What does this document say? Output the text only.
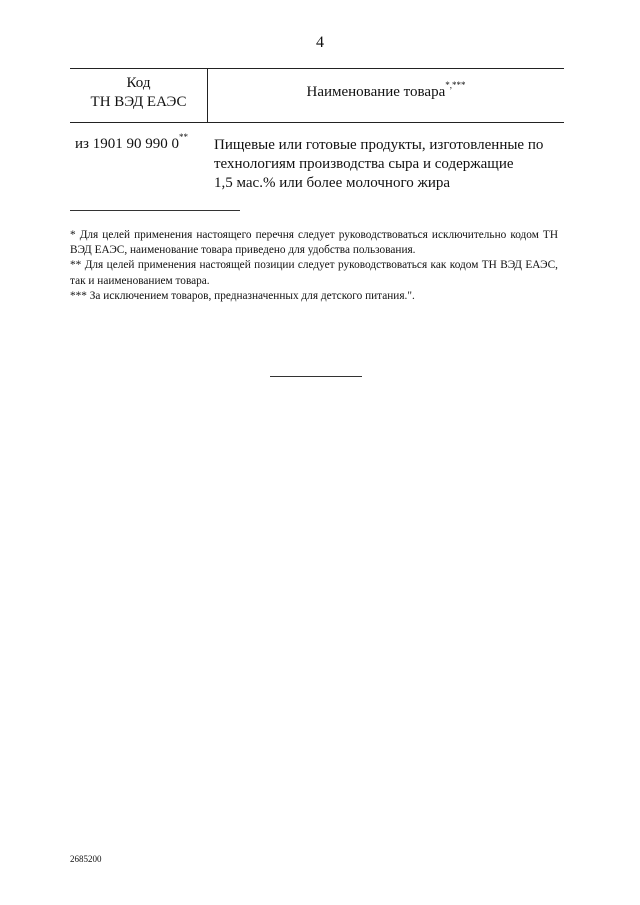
4
Код
ТН ВЭД ЕАЭС
Наименование товара*,***
из 1901 90 990 0** Пищевые или готовые продукты, изготовленные по
технологиям производства сыра и содержащие
1,5 мас.% или более молочного жира

* Для целей применения настоящего перечня следует руководствоваться исключительно кодом ТН ВЭД ЕАЭС, наименование товара приведено для удобства пользования.

** Для целей применения настоящей позиции следует руководствоваться как кодом ТН ВЭД ЕАЭС, так и наименованием товара.

*** За исключением товаров, предназначенных для детского питания.".

2685200
